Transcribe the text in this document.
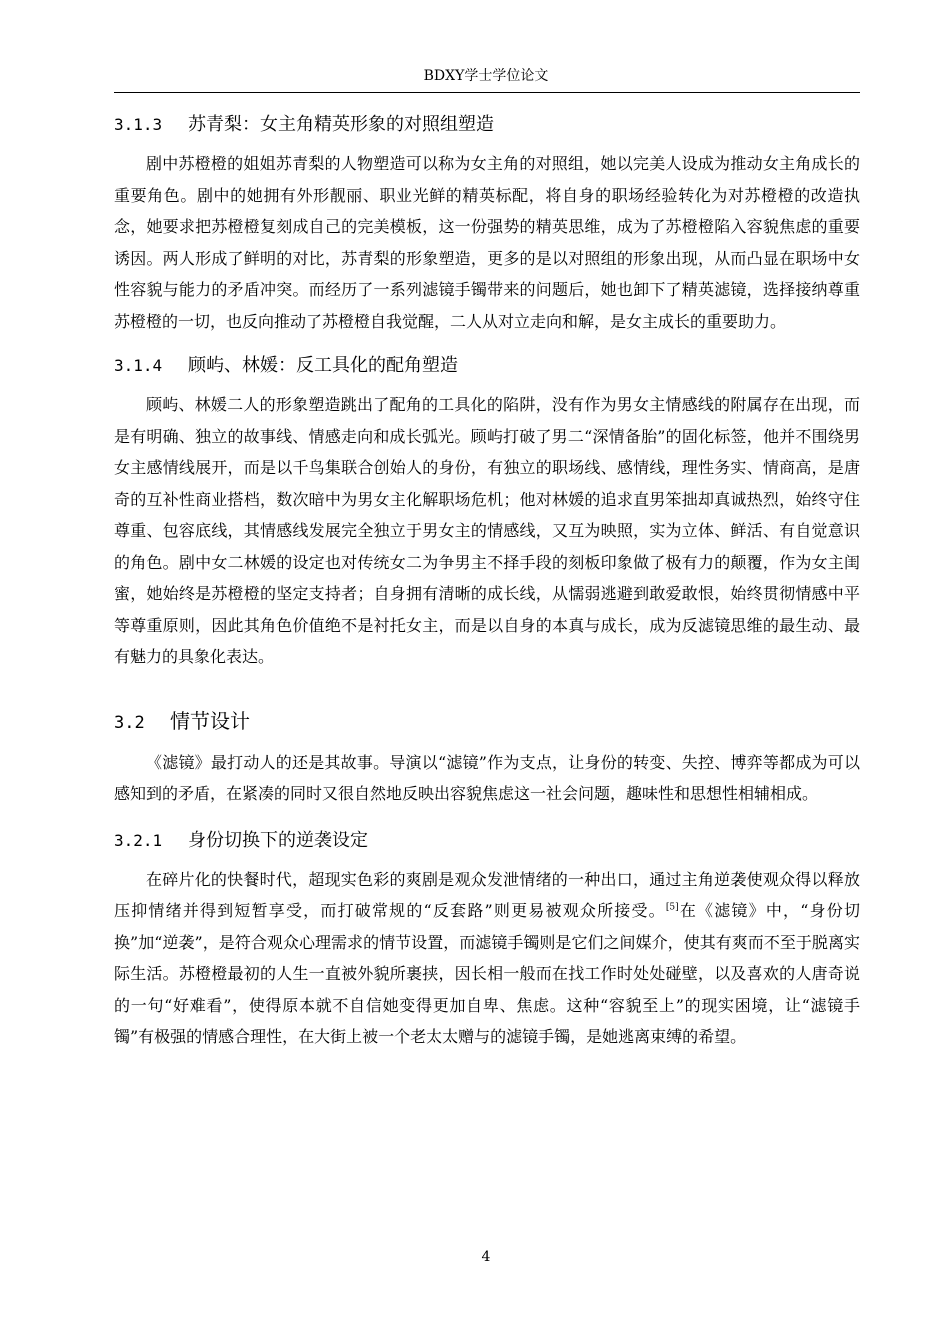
BDXY学士学位论文
3.1.3	苏青梨：女主角精英形象的对照组塑造

剧中苏橙橙的姐姐苏青梨的人物塑造可以称为女主角的对照组，她以完美人设成为推动女主角成长的重要角色。剧中的她拥有外形靓丽、职业光鲜的精英标配，将自身的职场经验转化为对苏橙橙的改造执念，她要求把苏橙橙复刻成自己的完美模板，这一份强势的精英思维，成为了苏橙橙陷入容貌焦虑的重要诱因。两人形成了鲜明的对比，苏青梨的形象塑造，更多的是以对照组的形象出现，从而凸显在职场中女性容貌与能力的矛盾冲突。而经历了一系列滤镜手镯带来的问题后，她也卸下了精英滤镜，选择接纳尊重苏橙橙的一切，也反向推动了苏橙橙自我觉醒，二人从对立走向和解，是女主成长的重要助力。

3.1.4	顾屿、林媛：反工具化的配角塑造

顾屿、林媛二人的形象塑造跳出了配角的工具化的陷阱，没有作为男女主情感线的附属存在出现，而是有明确、独立的故事线、情感走向和成长弧光。顾屿打破了男二“深情备胎”的固化标签，他并不围绕男女主感情线展开，而是以千鸟集联合创始人的身份，有独立的职场线、感情线，理性务实、情商高，是唐奇的互补性商业搭档，数次暗中为男女主化解职场危机；他对林媛的追求直男笨拙却真诚热烈，始终守住尊重、包容底线，其情感线发展完全独立于男女主的情感线，又互为映照，实为立体、鲜活、有自觉意识的角色。剧中女二林媛的设定也对传统女二为争男主不择手段的刻板印象做了极有力的颠覆，作为女主闺蜜，她始终是苏橙橙的坚定支持者；自身拥有清晰的成长线，从懦弱逃避到敢爱敢恨，始终贯彻情感中平等尊重原则，因此其角色价值绝不是衬托女主，而是以自身的本真与成长，成为反滤镜思维的最生动、最有魅力的具象化表达。

3.2	情节设计

《滤镜》最打动人的还是其故事。导演以“滤镜”作为支点，让身份的转变、失控、博弈等都成为可以感知到的矛盾，在紧凑的同时又很自然地反映出容貌焦虑这一社会问题，趣味性和思想性相辅相成。

3.2.1	身份切换下的逆袭设定

在碎片化的快餐时代，超现实色彩的爽剧是观众发泄情绪的一种出口，通过主角逆袭使观众得以释放压抑情绪并得到短暂享受，而打破常规的“反套路”则更易被观众所接受。[5]在《滤镜》中，“身份切换”加“逆袭”，是符合观众心理需求的情节设置，而滤镜手镯则是它们之间媒介，使其有爽而不至于脱离实际生活。苏橙橙最初的人生一直被外貌所裹挟，因长相一般而在找工作时处处碰壁，以及喜欢的人唐奇说的一句“好难看”，使得原本就不自信她变得更加自卑、焦虑。这种“容貌至上”的现实困境，让“滤镜手镯”有极强的情感合理性，在大街上被一个老太太赠与的滤镜手镯，是她逃离束缚的希望。

4
